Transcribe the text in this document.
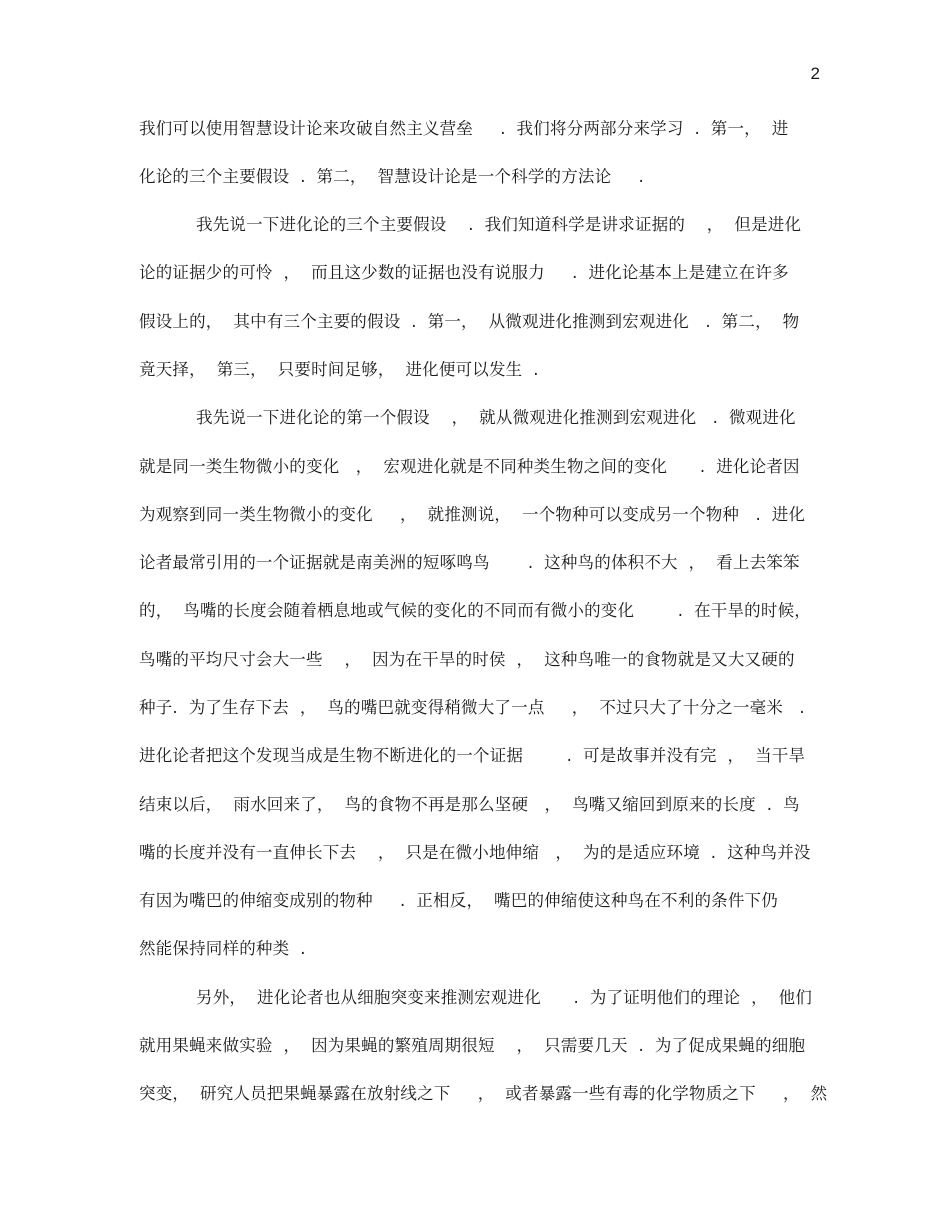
2
我们可以使用智慧设计论来攻破自然主义营垒     .  我们将分两部分来学习  .  第一，  进
化论的三个主要假设  .  第二，  智慧设计论是一个科学的方法论     .
我先说一下进化论的三个主要假设    .  我们知道科学是讲求证据的    ，  但是进化
论的证据少的可怜  ，  而且这少数的证据也没有说服力     .  进化论基本上是建立在许多
假设上的，  其中有三个主要的假设  .  第一，  从微观进化推测到宏观进化   .  第二，  物
竟天择，  第三，  只要时间足够，  进化便可以发生  .
我先说一下进化论的第一个假设    ，  就从微观进化推测到宏观进化   .  微观进化
就是同一类生物微小的变化   ，  宏观进化就是不同种类生物之间的变化      .  进化论者因
为观察到同一类生物微小的变化     ，  就推测说，  一个物种可以变成另一个物种   .  进化
论者最常引用的一个证据就是南美洲的短啄鸣鸟       .  这种鸟的体积不大  ，  看上去笨笨
的，  鸟嘴的长度会随着栖息地或气候的变化的不同而有微小的变化        .  在干旱的时候，
鸟嘴的平均尺寸会大一些    ，  因为在干旱的时侯  ，  这种鸟唯一的食物就是又大又硬的
种子.  为了生存下去  ，  鸟的嘴巴就变得稍微大了一点     ，  不过只大了十分之一毫米   .
进化论者把这个发现当成是生物不断进化的一个证据        .  可是故事并没有完  ，  当干旱
结束以后，  雨水回来了，  鸟的食物不再是那么坚硬   ，  鸟嘴又缩回到原来的长度  .  鸟
嘴的长度并没有一直伸长下去    ，  只是在微小地伸缩   ，  为的是适应环境  .  这种鸟并没
有因为嘴巴的伸缩变成别的物种     .  正相反，  嘴巴的伸缩使这种鸟在不利的条件下仍
然能保持同样的种类  .
另外，  进化论者也从细胞突变来推测宏观进化      .  为了证明他们的理论  ，  他们
就用果蝇来做实验  ，  因为果蝇的繁殖周期很短    ，  只需要几天  .  为了促成果蝇的细胞
突变，  研究人员把果蝇暴露在放射线之下     ，  或者暴露一些有毒的化学物质之下     ，  然
